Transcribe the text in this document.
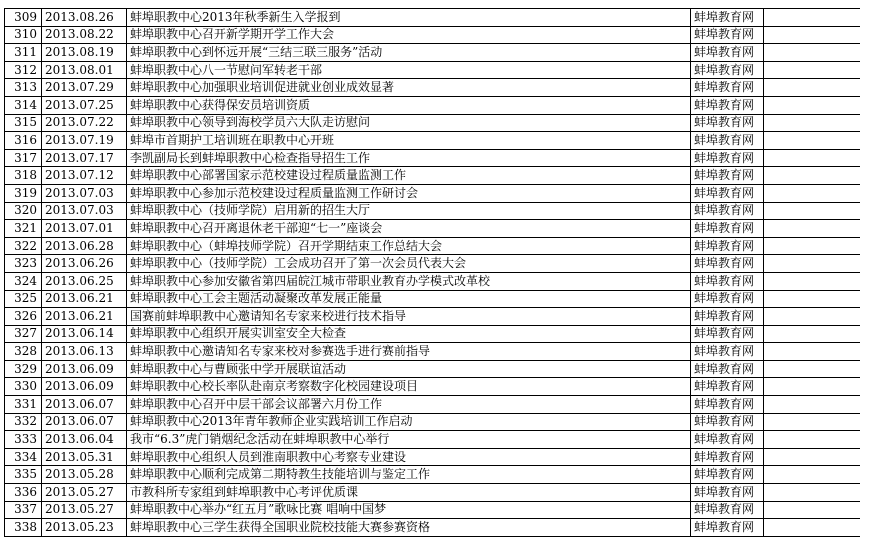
309	2013.08.26	蚌埠职教中心2013年秋季新生入学报到	蚌埠教育网	
310	2013.08.22	蚌埠职教中心召开新学期开学工作大会	蚌埠教育网	
311	2013.08.19	蚌埠职教中心到怀远开展“三结三联三服务”活动	蚌埠教育网	
312	2013.08.01	蚌埠职教中心八一节慰问军转老干部	蚌埠教育网	
313	2013.07.29	蚌埠职教中心加强职业培训促进就业创业成效显著	蚌埠教育网	
314	2013.07.25	蚌埠职教中心获得保安员培训资质	蚌埠教育网	
315	2013.07.22	蚌埠职教中心领导到海校学员六大队走访慰问	蚌埠教育网	
316	2013.07.19	蚌埠市首期护工培训班在职教中心开班	蚌埠教育网	
317	2013.07.17	李凯副局长到蚌埠职教中心检查指导招生工作	蚌埠教育网	
318	2013.07.12	蚌埠职教中心部署国家示范校建设过程质量监测工作	蚌埠教育网	
319	2013.07.03	蚌埠职教中心参加示范校建设过程质量监测工作研讨会	蚌埠教育网	
320	2013.07.03	蚌埠职教中心（技师学院）启用新的招生大厅	蚌埠教育网	
321	2013.07.01	蚌埠职教中心召开离退休老干部迎“七一”座谈会	蚌埠教育网	
322	2013.06.28	蚌埠职教中心（蚌埠技师学院）召开学期结束工作总结大会	蚌埠教育网	
323	2013.06.26	蚌埠职教中心（技师学院）工会成功召开了第一次会员代表大会	蚌埠教育网	
324	2013.06.25	蚌埠职教中心参加安徽省第四届皖江城市带职业教育办学模式改革校	蚌埠教育网	
325	2013.06.21	蚌埠职教中心工会主题活动凝聚改革发展正能量	蚌埠教育网	
326	2013.06.21	国赛前蚌埠职教中心邀请知名专家来校进行技术指导	蚌埠教育网	
327	2013.06.14	蚌埠职教中心组织开展实训室安全大检查	蚌埠教育网	
328	2013.06.13	蚌埠职教中心邀请知名专家来校对参赛选手进行赛前指导	蚌埠教育网	
329	2013.06.09	蚌埠职教中心与曹顾张中学开展联谊活动	蚌埠教育网	
330	2013.06.09	蚌埠职教中心校长率队赴南京考察数字化校园建设项目	蚌埠教育网	
331	2013.06.07	蚌埠职教中心召开中层干部会议部署六月份工作	蚌埠教育网	
332	2013.06.07	蚌埠职教中心2013年青年教师企业实践培训工作启动	蚌埠教育网	
333	2013.06.04	我市“6.3”虎门销烟纪念活动在蚌埠职教中心举行	蚌埠教育网	
334	2013.05.31	蚌埠职教中心组织人员到淮南职教中心考察专业建设	蚌埠教育网	
335	2013.05.28	蚌埠职教中心顺利完成第二期特教生技能培训与鉴定工作	蚌埠教育网	
336	2013.05.27	市教科所专家组到蚌埠职教中心考评优质课	蚌埠教育网	
337	2013.05.27	蚌埠职教中心举办“红五月”歌咏比赛 唱响中国梦	蚌埠教育网	
338	2013.05.23	蚌埠职教中心三学生获得全国职业院校技能大赛参赛资格	蚌埠教育网	
